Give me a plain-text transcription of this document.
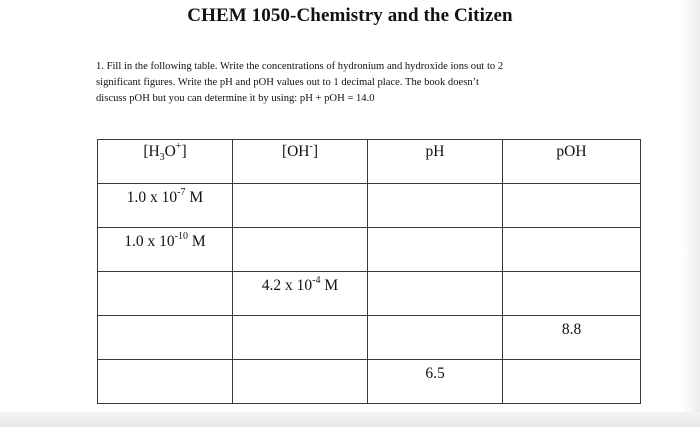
CHEM 1050-Chemistry and the Citizen

1. Fill in the following table. Write the concentrations of hydronium and hydroxide ions out to 2

significant figures. Write the pH and pOH values out to 1 decimal place. The book doesn’t

discuss pOH but you can determine it by using: pH + pOH = 14.0

$[H_3O^+]$	[OH-]	pH	pOH
1.0 x $10^{-7}$ M			
1.0 x $10^{-10}$ M			
	4.2 x $10^{-4}$ M		
			8.8
		6.5	
